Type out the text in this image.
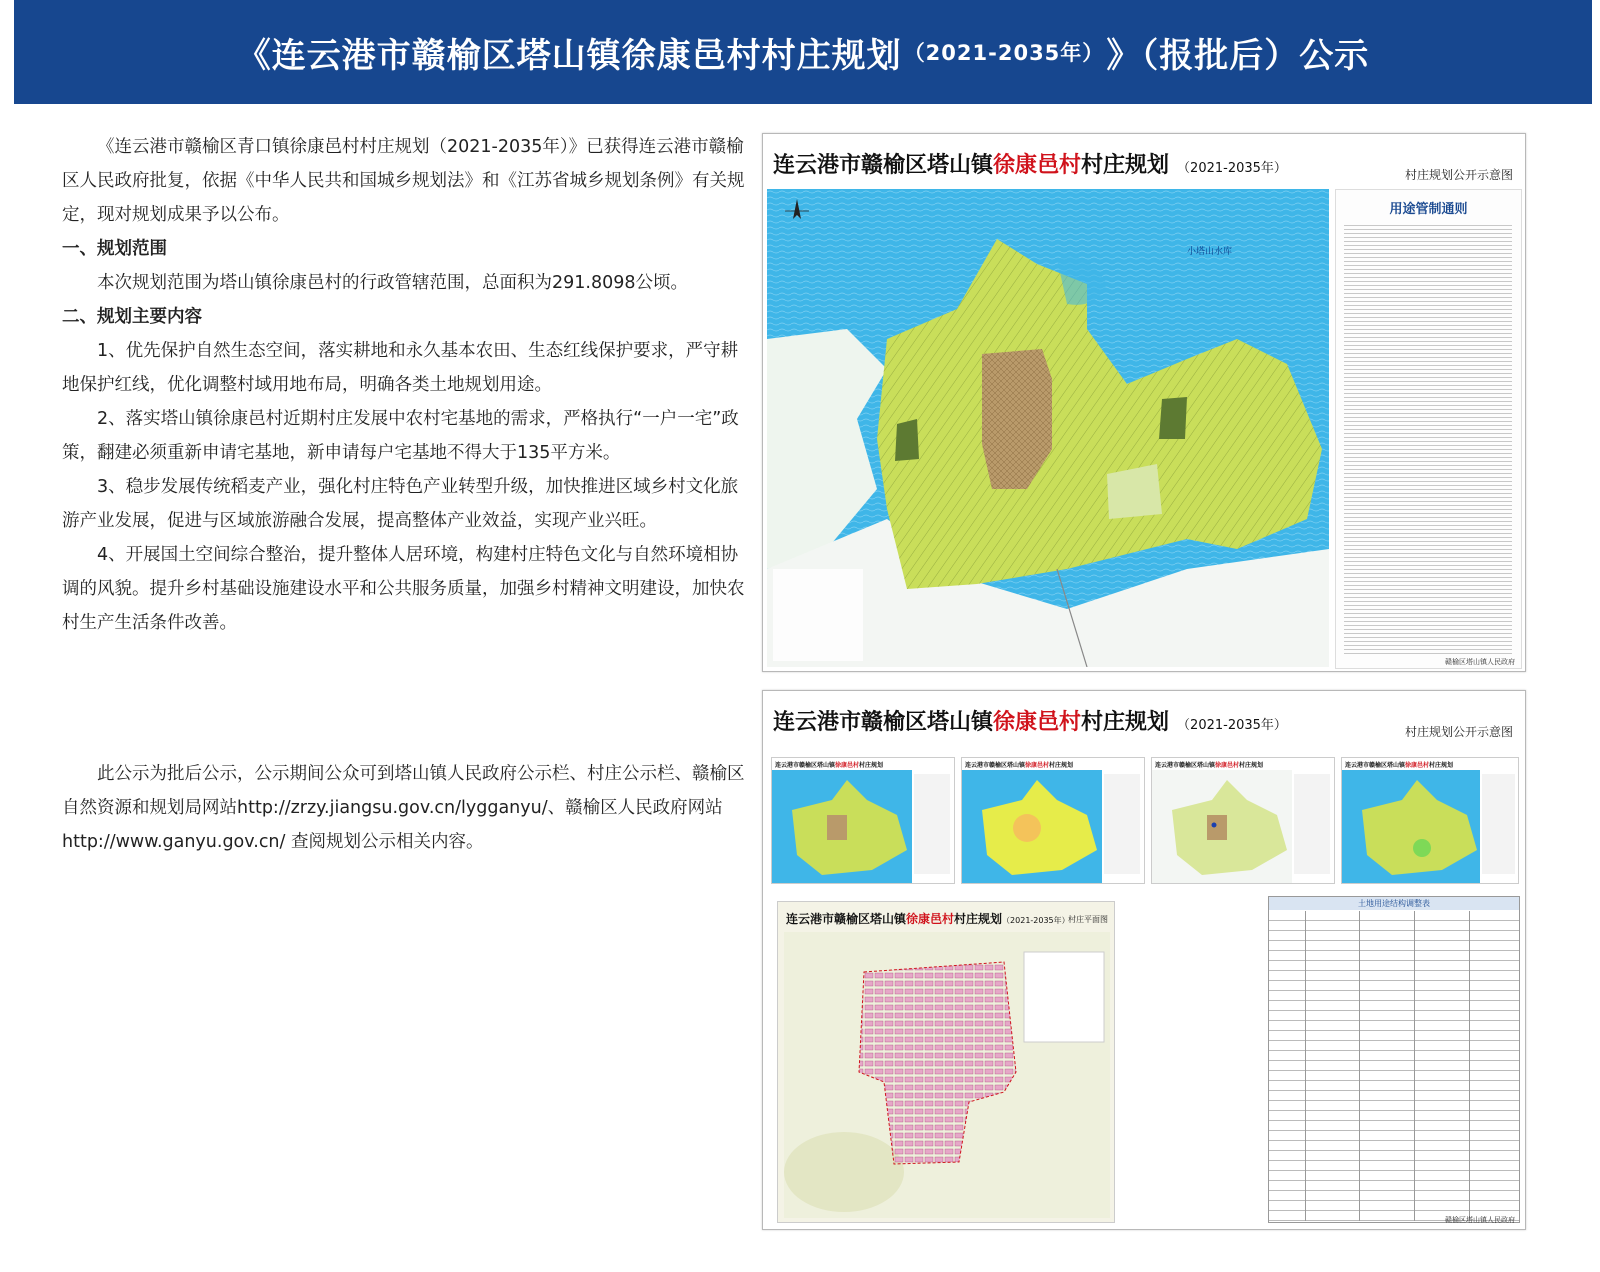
《连云港市赣榆区塔山镇徐康邑村村庄规划 （2021-2035年） 》（报批后）公示

《连云港市赣榆区青口镇徐康邑村村庄规划（2021-2035年）》已获得连云港市赣榆区人民政府批复，依据《中华人民共和国城乡规划法》和《江苏省城乡规划条例》有关规定，现对规划成果予以公布。

一、规划范围

本次规划范围为塔山镇徐康邑村的行政管辖范围，总面积为291.8098公顷。

二、规划主要内容

1、优先保护自然生态空间，落实耕地和永久基本农田、生态红线保护要求，严守耕地保护红线，优化调整村域用地布局，明确各类土地规划用途。

2、落实塔山镇徐康邑村近期村庄发展中农村宅基地的需求，严格执行“一户一宅”政策，翻建必须重新申请宅基地，新申请每户宅基地不得大于135平方米。

3、稳步发展传统稻麦产业，强化村庄特色产业转型升级，加快推进区域乡村文化旅游产业发展，促进与区域旅游融合发展，提高整体产业效益，实现产业兴旺。

4、开展国土空间综合整治，提升整体人居环境，构建村庄特色文化与自然环境相协调的风貌。提升乡村基础设施建设水平和公共服务质量，加强乡村精神文明建设，加快农村生产生活条件改善。

此公示为批后公示，公示期间公众可到塔山镇人民政府公示栏、村庄公示栏、赣榆区自然资源和规划局网站http://zrzy.jiangsu.gov.cn/lygganyu/、赣榆区人民政府网站http://www.ganyu.gov.cn/ 查阅规划公示相关内容。

连云港市赣榆区塔山镇徐康邑村村庄规划 （2021-2035年）	村庄规划公开示意图
小塔山水库
用途管制通则
赣榆区塔山镇人民政府
连云港市赣榆区塔山镇徐康邑村村庄规划 （2021-2035年）	村庄规划公开示意图
连云港市赣榆区塔山镇徐康邑村村庄规划	连云港市赣榆区塔山镇徐康邑村村庄规划	连云港市赣榆区塔山镇徐康邑村村庄规划	连云港市赣榆区塔山镇徐康邑村村庄规划
连云港市赣榆区塔山镇徐康邑村村庄规划（2021-2035年）
村庄平面图
土地用途结构调整表
赣榆区塔山镇人民政府
